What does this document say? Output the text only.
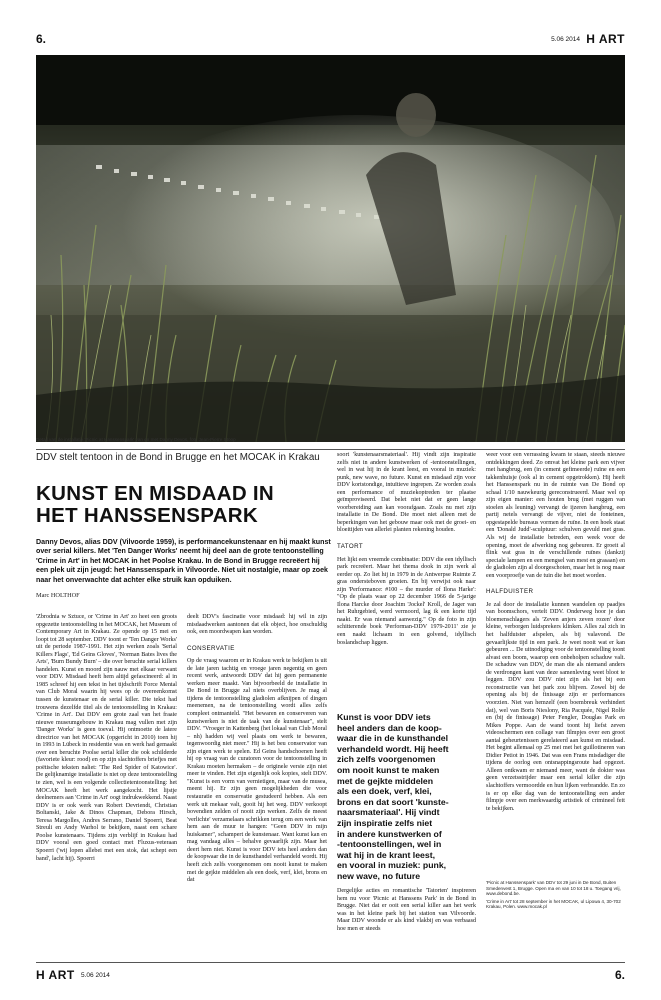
6.	5.06 2014 H ART
Detail van de installatie 'Picnic at Hanssenspark' van en met Danny Devos, foto Jean-Pierre Stoop
DDV stelt tentoon in de Bond in Brugge en het MOCAK in Krakau
KUNST EN MISDAAD IN
HET HANSSENSPARK
Danny Devos, alias DDV (Vilvoorde 1959), is performancekunstenaar en hij maakt kunst over serial killers. Met 'Ten Danger Works' neemt hij deel aan de grote tentoonstelling 'Crime in Art' in het MOCAK in het Poolse Krakau. In de Bond in Brugge recreëert hij een plek uit zijn jeugd: het Hanssenspark in Vilvoorde. Niet uit nostalgie, maar op zoek naar het onverwachte dat achter elke struik kan opduiken.
Marc HOLTHOF

'Zbrodnia w Sztuce, or 'Crime in Art' zo heet een groots opgezette tentoonstelling in het MOCAK, het Museum of Contemporary Art in Krakau. Ze opende op 15 mei en loopt tot 28 september. DDV toont er 'Ten Danger Works' uit de periode 1987-1991. Het zijn werken zoals 'Serial Killers Flags', 'Ed Geins Gloves', 'Norman Bates lives the Arts', 'Burn Bundy Burn' – die over beruchte serial killers handelen. Kunst en moord zijn nauw met elkaar verwant voor DDV. Misdaad heeft hem altijd gefascineerd: al in 1985 schreef hij een tekst in het tijdschrift Force Mental van Club Moral waarin hij wees op de overeenkomst tussen de kunstenaar en de serial killer. Die tekst had trouwens dezelfde titel als de tentoonstelling in Krakau: 'Crime in Art'. Dat DDV een grote zaal van het fraaie nieuwe museumgebouw in Krakau mag vullen met zijn 'Danger Works' is geen toeval. Hij ontmoette de latere directrice van het MOCAK (opgericht in 2010) toen hij in 1993 in Lübeck in residentie was en werk had gemaakt over een beruchte Poolse serial killer die ook schilderde (favoriete kleur: rood) en op zijn slachtoffers briefjes met poëtische teksten naliet: 'The Red Spider of Katowice'. De gelijknamige installatie is niet op deze tentoonstelling te zien, wel is een volgende collectietentoonstelling: het MOCAK heeft het werk aangekocht. Het lijstje deelnemers aan 'Crime in Art' oogt indrukwekkend. Naast DDV is er ook werk van Robert Devriendt, Christian Boltanski, Jake & Dinos Chapman, Debora Hirsch, Teresa Margolles, Andres Serrano, Daniel Spoerri, Beat Streuli en Andy Warhol te bekijken, naast een schare Poolse kunstenaars. Tijdens zijn verblijf in Krakau had DDV vooral een goed contact met Fluxus-veteraan Spoerri ('wij lopen allebei met een stok, dat schept een band', lacht hij). Spoerri

deelt DDV's fascinatie voor misdaad: hij wil in zijn misdaadwerken aantonen dat elk object, hoe onschuldig ook, een moordwapen kan worden.

CONSERVATIE

Op de vraag waarom er in Krakau werk te bekijken is uit de late jaren tachtig en vroege jaren negentig en geen recent werk, antwoordt DDV dat hij geen permanente werken meer maakt. Van bijvoorbeeld de installatie in De Bond in Brugge zal niets overblijven. Je mag al tijdens de tentoonstelling gladiolen afknijpen of dingen meenemen, na de tentoonstelling wordt alles zelfs compleet ontmanteld. "Het bewaren en conserveren van kunstwerken is niet de taak van de kunstenaar", stelt DDV. "Vroeger in Kattenberg (het lokaal van Club Moral – nh) hadden wij veel plaats om werk te bewaren, tegenwoordig niet meer." Hij is het beu conservator van zijn eigen werk te spelen. Ed Geins handschoenen heeft hij op vraag van de curatoren voor de tentoonstelling in Krakau moeten hermaken – de originele versie zijn niet meer te vinden. Het zijn eigenlijk ook kopies, stelt DDV. "Kunst is een vorm van vernietigen, maar van de musea, meent hij. Er zijn geen mogelijkheden die voor restauratie en conservatie gestudeerd hebben. Als een werk uit mekaar valt, gooit hij het weg. DDV verkoopt bovendien zelden of nooit zijn werken. Zelfs de meest 'verlichte' verzamelaars schrikken terug om een werk van hem aan de muur te hangen: "Geen DDV in mijn huiskamer", schampert de kunstenaar. Want kunst kan en mag vandaag alles – behalve gevaarlijk zijn. Maar het deert hem niet. Kunst is voor DDV iets heel anders dan de koopwaar die in de kunsthandel verhandeld wordt. Hij heeft zich zelfs voorgenomen om nooit kunst te maken met de gejkte middelen als een doek, verf, klei, brons en dat

soort 'kunstenaarsmateriaal'. Hij vindt zijn inspiratie zelfs niet in andere kunstwerken of -tentoonstellingen, wel in wat hij in de krant leest, en vooral in muziek: punk, new wave, no future. Kunst en misdaad zijn voor DDV kortstondige, intuïtieve ingrepen. Ze worden zoals een performance of muziekoptreden ter plaatse geïmproviseerd. Dat belet niet dat er geen lange voorbereiding aan kan voorafgaan. Zoals nu met zijn installatie in De Bond. Die moet niet alleen met de beperkingen van het gebouw maar ook met de groei- en bloeitijden van allerlei planten rekening houden.

TATORT

Het lijkt een vreemde combinatie: DDV die een idyllisch park recreëert. Maar het thema dook in zijn werk al eerder op. Zo liet hij in 1979 in de Antwerpse Ruimte Z gras ondersteboven groeien. En bij verwijst ook naar zijn 'Performance: #100 – the murder of Ilona Harke': "Op de plaats waar op 22 december 1966 de 5-jarige Ilona Harcke door Joachim 'Jockel' Kroll, de Jager van het Ruhrgebied, werd vermoord, lag ik een korte tijd naakt. Er was niemand aanwezig." Op de foto in zijn schitterende boek 'Performan-DDV 1979-2011' zie je een naakt lichaam in een golvend, idyllisch boslandschap liggen.

Kunst is voor DDV iets
heel anders dan de koop-
waar die in de kunsthandel
verhandeld wordt. Hij heeft
zich zelfs voorgenomen
om nooit kunst te maken
met de gejkte middelen
als een doek, verf, klei,
brons en dat soort 'kunste-
naarsmateriaal'. Hij vindt
zijn inspiratie zelfs niet
in andere kunstwerken of
-tentoonstellingen, wel in
wat hij in de krant leest,
en vooral in muziek: punk,
new wave, no future

Dergelijke acties en romantische 'Tatorten' inspireren hem nu voor 'Picnic at Hanssens Park' in de Bond in Brugge. Niet dat er ooit een serial killer aan het werk was in het kleine park bij het station van Vilvoorde. Maar DDV woonde er als kind vlakbij en was verbaasd hoe men er steeds

weer voor een verrassing kwam te staan, steeds nieuwe ontdekkingen deed. Zo omvat het kleine park een vijver met hangbrug, een (in cement gefimeerde) ruïne en een takkenhuisje (ook al in cement opgetrokken). Hij heeft het Hanssenspark nu in de ruimte van De Bond op schaal 1/10 nauwkeurig gereconstrueerd. Maar wel op zijn eigen manier: een houten brug (met ruggen van stoelen als leuning) vervangt de ijzeren hangbrug, een partij netels vervangt de vijver, niet de fonteinen, opgestapelde bureaus vormen de ruïne. In een hoek staat een 'Donald Judd'-sculptuur: schulven gevuld met gras. Als wij de installatie betreden, een week voor de opening, moet de afwerking nog gebeuren. Er groeit al flink wat gras in de verschillende ruïnes (dankzij speciale lampen en een mengsel van mest en grasaan) en de gladiolen zijn al doorgeschoten, maar het is nog maar een voorproefje van de tuin die het moet worden.

HALFDUISTER

Je zal door de installatie kunnen wandelen op paadjes van boomschors, vertelt DDV. Onderweg hoor je dan bloemenschlagers als 'Zeven anjers zeven rozen' door kleine, verborgen luidsprekers klinken. Alles zal zich in het halfduister afspelen, als bij valavond. De gevaarlijkste tijd in een park. Je weet nooit wat er kan gebeuren ... De uitnodiging voor de tentoonstelling toont alvast een boom, waarop een onbeholpen schaduw valt. De schaduw van DDV, de man die als niemand anders de verdrongen kant van deze samenleving weet bloot te leggen. DDV zou DDV niet zijn als het bij een reconstructie van het park zou blijven. Zowel bij de opening als bij de finissage zijn er performances voorzien. Niet van hemzelf (een boembreuk verhindert dat), wel van Boris Nieslony, Ria Pacquée, Nigel Rolfe en (bij de finissage) Peter Fengler, Douglas Park en Mikes Poppe. Aan de wand toont hij liefst zeven videoschermen een collage van filmpjes over een groot aantal geheurtenissen gerelateerd aan kunst en misdaad. Het begint allemaal op 25 mei met het guillotineren van Didier Petiot in 1946. Dat was een Frans misdadiger die tijdens de oorlog een ontsnappingsroute had opgezet. Alleen ontkwam er niemand meer, want de dokter was geen verzetsstrijder maar een serial killer die zijn slachtoffers vermoordde en hun lijken verbrandde. En zo is er op elke dag van de tentoonstelling een ander filmpje over een merkwaardig artistiek of crimineel feit te bekijken.

'Picnic at Hanssenspark' van DDV tot 29 juni in De Bond, Buiten Smedenvest 1, Brugge. Open ma en van 10 tot 18 u. Toegang vrij, www.debond.be.

'Crime in Art' tot 28 september in het MOCAK, ul Lipowa 4, 30-702 Krakau, Polen. www.mocak.pl

H ART 5.06 2014	6.
